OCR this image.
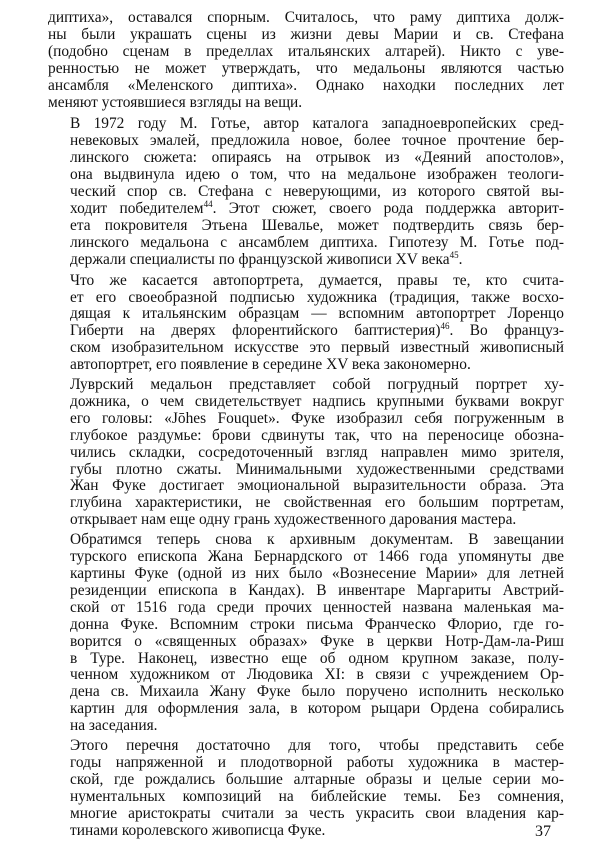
диптиха», оставался спорным. Считалось, что раму диптиха долж-
ны были украшать сцены из жизни девы Марии и св. Стефана
(подобно сценам в пределлах итальянских алтарей). Никто с уве-
ренностью не может утверждать, что медальоны являются частью
ансамбля «Меленского диптиха». Однако находки последних лет
меняют устоявшиеся взгляды на вещи.
В 1972 году М. Готье, автор каталога западноевропейских сред-
невековых эмалей, предложила новое, более точное прочтение бер-
линского сюжета: опираясь на отрывок из «Деяний апостолов»,
она выдвинула идею о том, что на медальоне изображен теологи-
ческий спор св. Стефана с неверующими, из которого святой вы-
ходит победителем$^{44}$. Этот сюжет, своего рода поддержка авторит-
ета покровителя Этьена Шевалье, может подтвердить связь бер-
линского медальона с ансамблем диптиха. Гипотезу М. Готье под-
держали специалисты по французской живописи XV века$^{45}$.
Что же касается автопортрета, думается, правы те, кто счита-
ет его своеобразной подписью художника (традиция, также восхо-
дящая к итальянским образцам — вспомним автопортрет Лоренцо
Гиберти на дверях флорентийского баптистерия)$^{46}$. Во француз-
ском изобразительном искусстве это первый известный живописный
автопортрет, его появление в середине XV века закономерно.
Луврский медальон представляет собой погрудный портрет ху-
дожника, о чем свидетельствует надпись крупными буквами вокруг
его головы: «Jōhes Fouquet». Фуке изобразил себя погруженным в
глубокое раздумье: брови сдвинуты так, что на переносице обозна-
чились складки, сосредоточенный взгляд направлен мимо зрителя,
губы плотно сжаты. Минимальными художественными средствами
Жан Фуке достигает эмоциональной выразительности образа. Эта
глубина характеристики, не свойственная его большим портретам,
открывает нам еще одну грань художественного дарования мастера.
Обратимся теперь снова к архивным документам. В завещании
турского епископа Жана Бернардского от 1466 года упомянуты две
картины Фуке (одной из них было «Вознесение Марии» для летней
резиденции епископа в Кандах). В инвентаре Маргариты Австрий-
ской от 1516 года среди прочих ценностей названа маленькая ма-
донна Фуке. Вспомним строки письма Франческо Флорио, где го-
ворится о «священных образах» Фуке в церкви Нотр-Дам-ла-Риш
в Туре. Наконец, известно еще об одном крупном заказе, полу-
ченном художником от Людовика XI: в связи с учреждением Ор-
дена св. Михаила Жану Фуке было поручено исполнить несколько
картин для оформления зала, в котором рыцари Ордена собирались
на заседания.
Этого перечня достаточно для того, чтобы представить себе
годы напряженной и плодотворной работы художника в мастер-
ской, где рождались большие алтарные образы и целые серии мо-
нументальных композиций на библейские темы. Без сомнения,
многие аристократы считали за честь украсить свои владения кар-
тинами королевского живописца Фуке.	37
